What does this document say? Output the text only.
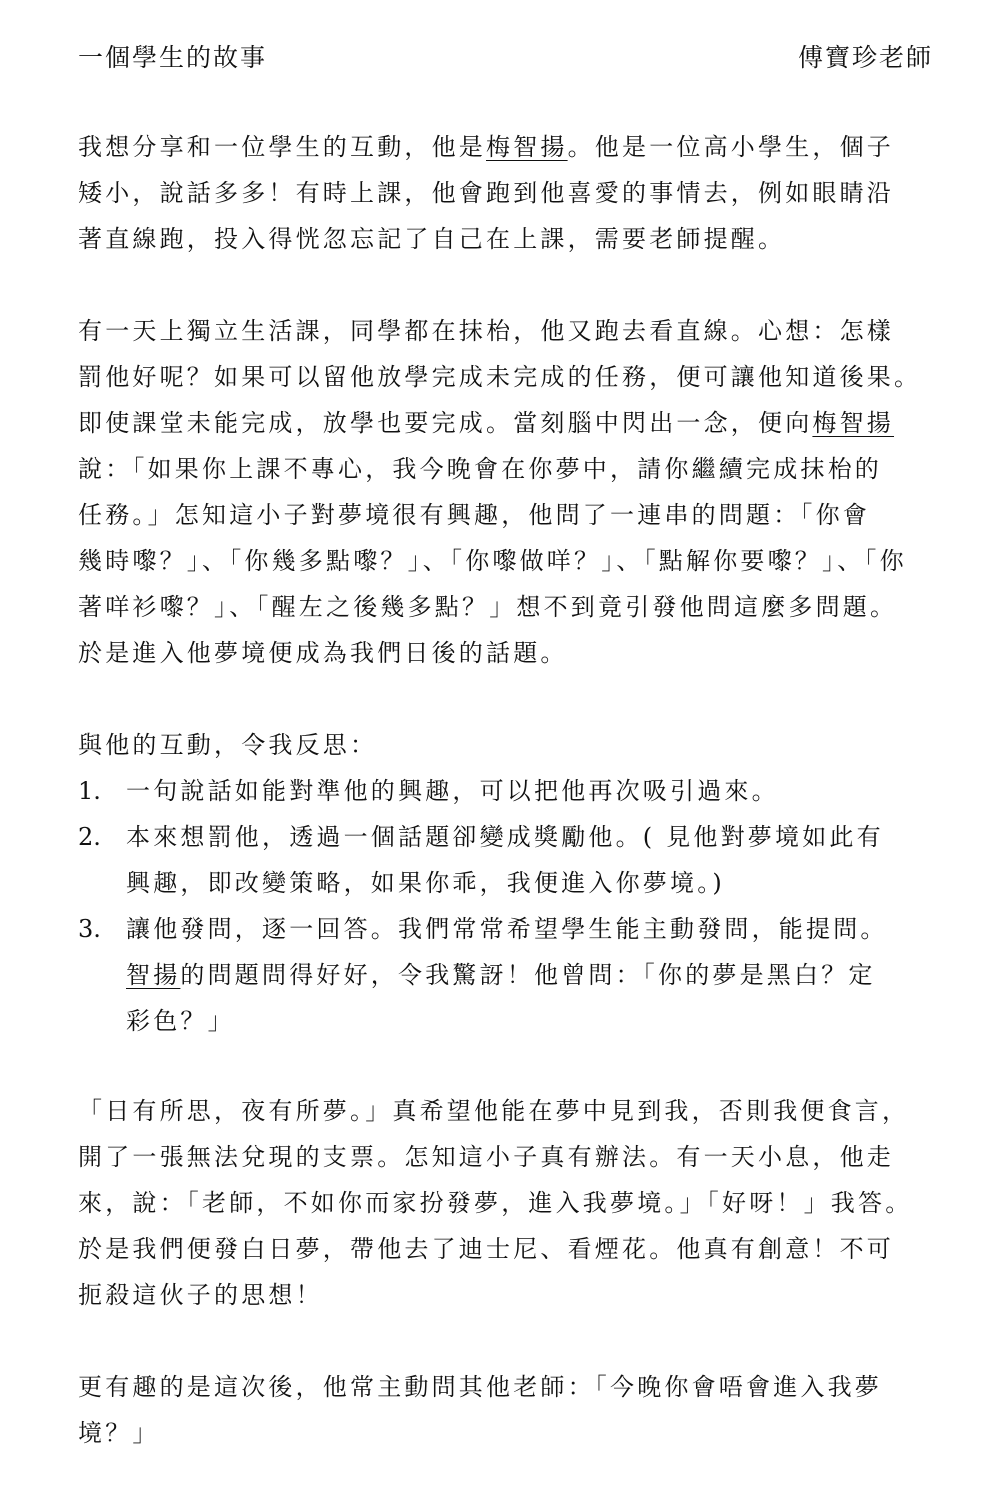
一個學生的故事	傅寶珍老師
我想分享和一位學生的互動，他是梅智揚。他是一位高小學生，個子
矮小，說話多多！有時上課，他會跑到他喜愛的事情去，例如眼睛沿
著直線跑，投入得恍忽忘記了自己在上課，需要老師提醒。
有一天上獨立生活課，同學都在抹枱，他又跑去看直線。心想：怎樣
罰他好呢？如果可以留他放學完成未完成的任務，便可讓他知道後果。
即使課堂未能完成，放學也要完成。當刻腦中閃出一念，便向梅智揚
說：「如果你上課不專心，我今晚會在你夢中，請你繼續完成抹枱的
任務。」怎知這小子對夢境很有興趣，他問了一連串的問題：「你會
幾時嚟？」、「你幾多點嚟？」、「你嚟做咩？」、「點解你要嚟？」、「你
著咩衫嚟？」、「醒左之後幾多點？」想不到竟引發他問這麼多問題。
於是進入他夢境便成為我們日後的話題。
與他的互動，令我反思：
1. 一句說話如能對準他的興趣，可以把他再次吸引過來。
2. 本來想罰他，透過一個話題卻變成獎勵他。( 見他對夢境如此有
興趣，即改變策略，如果你乖，我便進入你夢境。)
3. 讓他發問，逐一回答。我們常常希望學生能主動發問，能提問。
智揚的問題問得好好，令我驚訝！他曾問：「你的夢是黑白？定
彩色？」
「日有所思，夜有所夢。」真希望他能在夢中見到我，否則我便食言，
開了一張無法兌現的支票。怎知這小子真有辦法。有一天小息，他走
來，說：「老師，不如你而家扮發夢，進入我夢境。」「好呀！」我答。
於是我們便發白日夢，帶他去了迪士尼、看煙花。他真有創意！不可
扼殺這伙子的思想！
更有趣的是這次後，他常主動問其他老師：「今晚你會唔會進入我夢
境？」
